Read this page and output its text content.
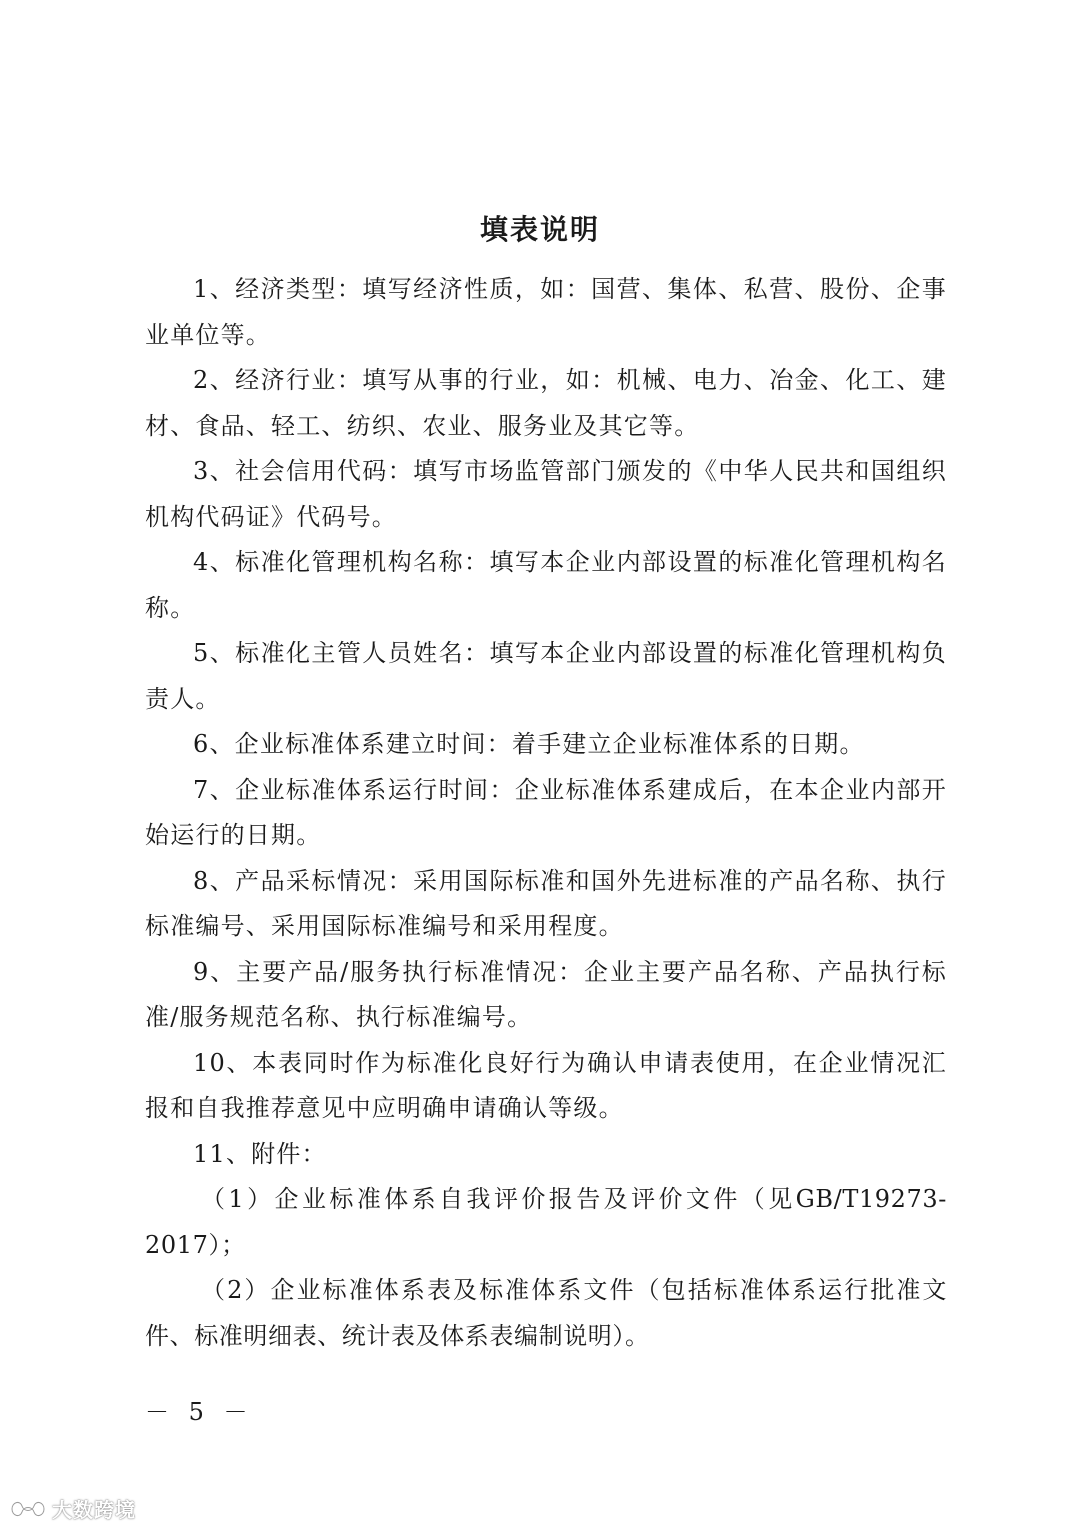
填表说明

1、经济类型：填写经济性质，如：国营、集体、私营、股份、企事业单位等。

2、经济行业：填写从事的行业，如：机械、电力、冶金、化工、建材、食品、轻工、纺织、农业、服务业及其它等。

3、社会信用代码：填写市场监管部门颁发的《中华人民共和国组织机构代码证》代码号。

4、标准化管理机构名称：填写本企业内部设置的标准化管理机构名称。

5、标准化主管人员姓名：填写本企业内部设置的标准化管理机构负责人。

6、企业标准体系建立时间：着手建立企业标准体系的日期。

7、企业标准体系运行时间：企业标准体系建成后，在本企业内部开始运行的日期。

8、产品采标情况：采用国际标准和国外先进标准的产品名称、执行标准编号、采用国际标准编号和采用程度。

9、主要产品/服务执行标准情况：企业主要产品名称、产品执行标准/服务规范名称、执行标准编号。

10、本表同时作为标准化良好行为确认申请表使用，在企业情况汇报和自我推荐意见中应明确申请确认等级。

11、附件：

（1）企业标准体系自我评价报告及评价文件（见GB/T19273-2017）；

（2）企业标准体系表及标准体系文件（包括标准体系运行批准文件、标准明细表、统计表及体系表编制说明）。

－ 5 －

大数跨境
